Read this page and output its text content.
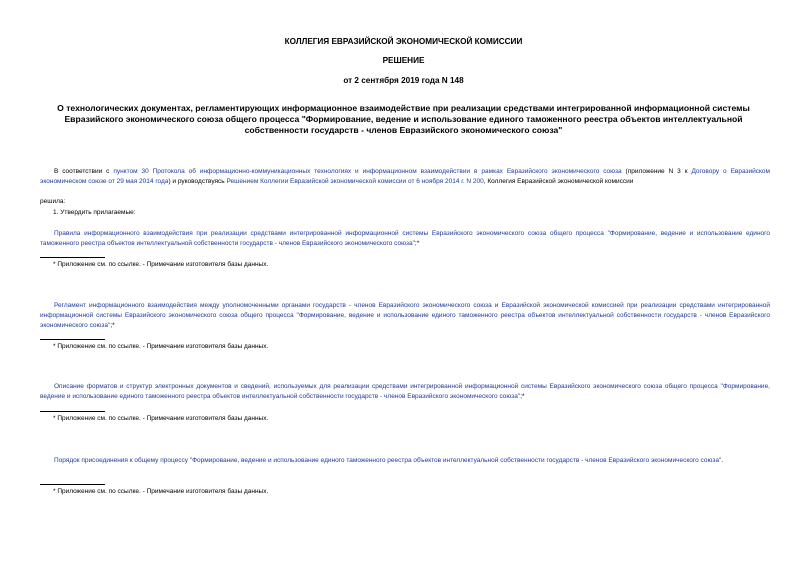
КОЛЛЕГИЯ ЕВРАЗИЙСКОЙ ЭКОНОМИЧЕСКОЙ КОМИССИИ
РЕШЕНИЕ
от 2 сентября 2019 года N 148
О технологических документах, регламентирующих информационное взаимодействие при реализации средствами интегрированной информационной системы Евразийского экономического союза общего процесса "Формирование, ведение и использование единого таможенного реестра объектов интеллектуальной собственности государств - членов Евразийского экономического союза"
В соответствии с пунктом 30 Протокола об информационно-коммуникационных технологиях и информационном взаимодействии в рамках Евразийского экономического союза (приложение N 3 к Договору о Евразийском экономическом союзе от 29 мая 2014 года) и руководствуясь Решением Коллегии Евразийской экономической комиссии от 6 ноября 2014 г. N 200, Коллегия Евразийской экономической комиссии
решила:
1. Утвердить прилагаемые:
Правила информационного взаимодействия при реализации средствами интегрированной информационной системы Евразийского экономического союза общего процесса "Формирование, ведение и использование единого таможенного реестра объектов интеллектуальной собственности государств - членов Евразийского экономического союза";*
* Приложение см. по ссылке. - Примечание изготовителя базы данных.
Регламент информационного взаимодействия между уполномоченными органами государств - членов Евразийского экономического союза и Евразийской экономической комиссией при реализации средствами интегрированной информационной системы Евразийского экономического союза общего процесса "Формирование, ведение и использование единого таможенного реестра объектов интеллектуальной собственности государств - членов Евразийского экономического союза";*
* Приложение см. по ссылке. - Примечание изготовителя базы данных.
Описание форматов и структур электронных документов и сведений, используемых для реализации средствами интегрированной информационной системы Евразийского экономического союза общего процесса "Формирование, ведение и использование единого таможенного реестра объектов интеллектуальной собственности государств - членов Евразийского экономического союза";*
* Приложение см. по ссылке. - Примечание изготовителя базы данных.
Порядок присоединения к общему процессу "Формирование, ведение и использование единого таможенного реестра объектов интеллектуальной собственности государств - членов Евразийского экономического союза".
* Приложение см. по ссылке. - Примечание изготовителя базы данных.
